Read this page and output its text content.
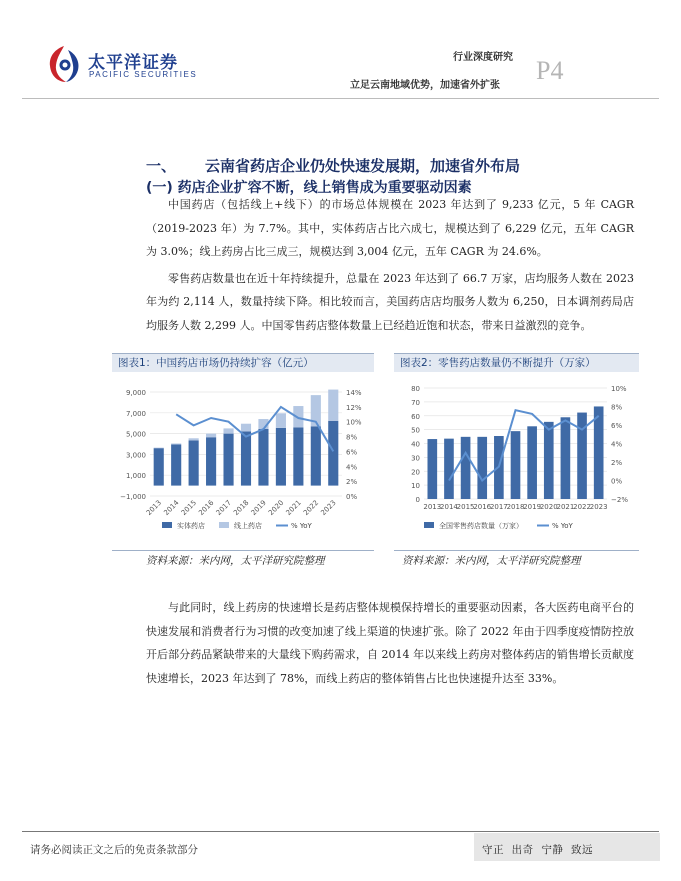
太平洋证券
PACIFIC SECURITIES
行业深度研究
立足云南地域优势，加速省外扩张
P4
一、 云南省药店企业仍处快速发展期，加速省外布局
(一) 药店企业扩容不断，线上销售成为重要驱动因素

中国药店（包括线上+线下）的市场总体规模在 2023 年达到了 9,233 亿元，5 年 CAGR（2019-2023 年）为 7.7%。其中，实体药店占比六成七，规模达到了 6,229 亿元，五年 CAGR 为 3.0%；线上药房占比三成三，规模达到 3,004 亿元，五年 CAGR 为 24.6%。

零售药店数量也在近十年持续提升，总量在 2023 年达到了 66.7 万家，店均服务人数在 2023 年为约 2,114 人，数量持续下降。相比较而言，美国药店店均服务人数为 6,250，日本调剂药局店均服务人数 2,299 人。中国零售药店整体数量上已经趋近饱和状态，带来日益激烈的竞争。

图表1：中国药店市场仍持续扩容（亿元）	图表2：零售药店数量仍不断提升（万家）
9,000
7,000
5,000
3,000
1,000
−1,000
14%
12%
10%
8%
6%
4%
2%
0%
2013 2014 2015 2016 2017 2018 2019 2020 2021 2022 2023
实体药店	线上药店	% YoY
80
70
60
50
40
30
20
10
0
10%
8%
6%
4%
2%
0%
−2%
2013
2014
2015
2016
2017
2018
2019
2020
2021
2022
2023
全国零售药店数量（万家）	% YoY
资料来源：米内网，太平洋研究院整理	资料来源：米内网，太平洋研究院整理

与此同时，线上药房的快速增长是药店整体规模保持增长的重要驱动因素，各大医药电商平台的快速发展和消费者行为习惯的改变加速了线上渠道的快速扩张。除了 2022 年由于四季度疫情防控放开后部分药品紧缺带来的大量线下购药需求，自 2014 年以来线上药房对整体药店的销售增长贡献度快速增长，2023 年达到了 78%，而线上药店的整体销售占比也快速提升达至 33%。

请务必阅读正文之后的免责条款部分	守正  出奇  宁静  致远
